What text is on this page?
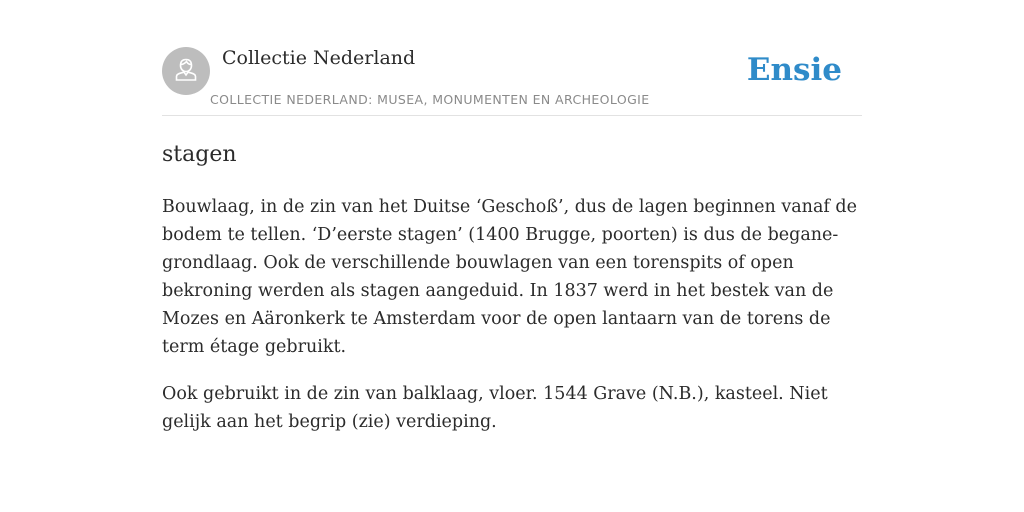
Collectie Nederland
COLLECTIE NEDERLAND: MUSEA, MONUMENTEN EN ARCHEOLOGIE
Ensie
stagen

Bouwlaag, in de zin van het Duitse ‘Geschoß’, dus de lagen beginnen vanaf de bodem te tellen. ‘D’eerste stagen’ (1400 Brugge, poorten) is dus de begane-grondlaag. Ook de verschillende bouwlagen van een torenspits of open bekroning werden als stagen aangeduid. In 1837 werd in het bestek van de Mozes en Aäronkerk te Amsterdam voor de open lantaarn van de torens de term étage gebruikt.

Ook gebruikt in de zin van balklaag, vloer. 1544 Grave (N.B.), kasteel. Niet gelijk aan het begrip (zie) verdieping.
